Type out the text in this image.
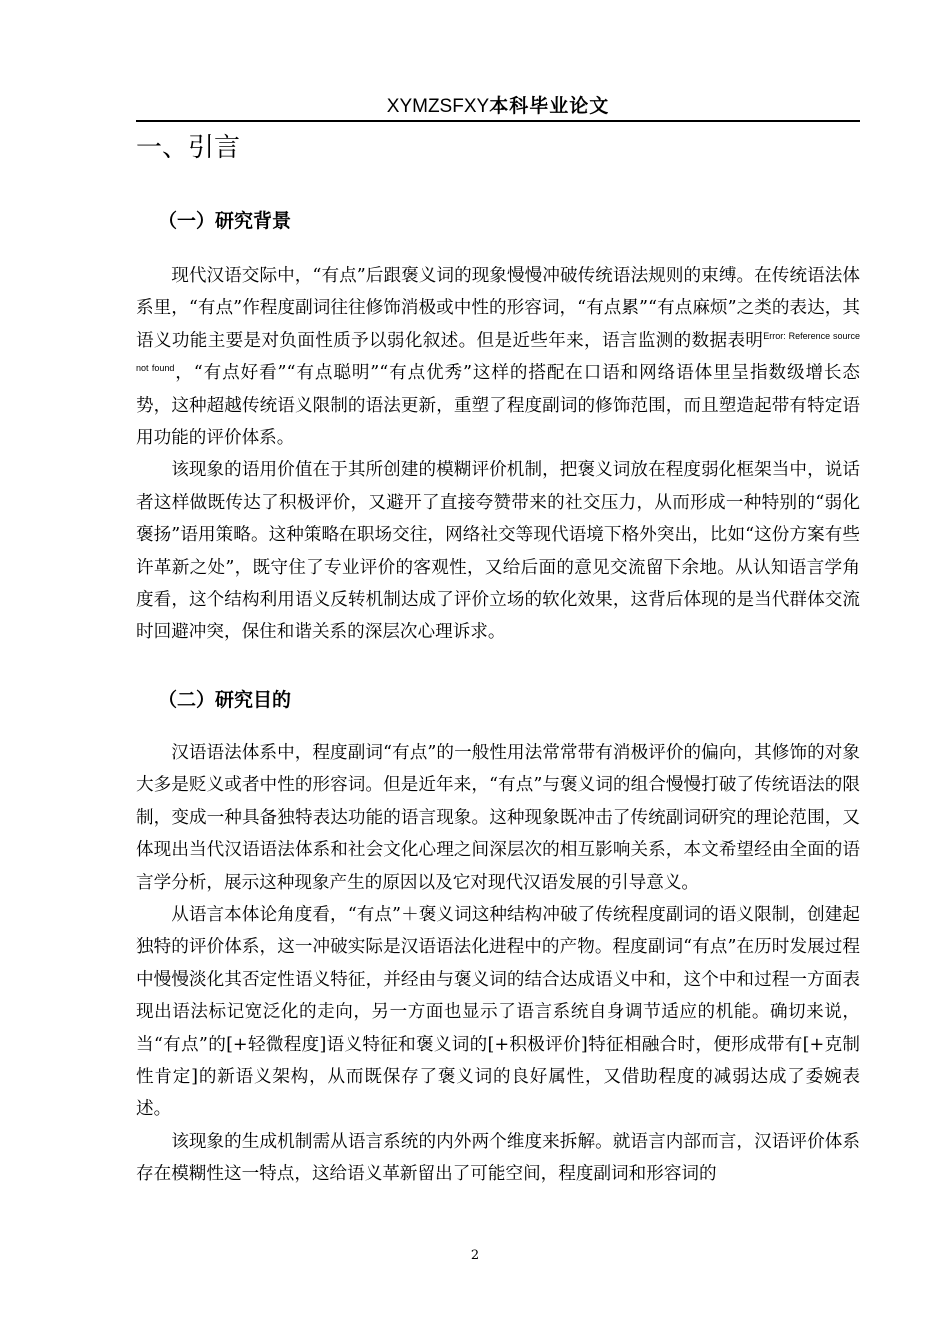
XYMZSFXY本科毕业论文
一、引言
（一）研究背景

现代汉语交际中，“有点”后跟褒义词的现象慢慢冲破传统语法规则的束缚。在传统语法体系里，“有点”作程度副词往往修饰消极或中性的形容词，“有点累”“有点麻烦”之类的表达，其语义功能主要是对负面性质予以弱化叙述。但是近些年来，语言监测的数据表明$^{Error: Reference source not found}$，“有点好看”“有点聪明”“有点优秀”这样的搭配在口语和网络语体里呈指数级增长态势，这种超越传统语义限制的语法更新，重塑了程度副词的修饰范围，而且塑造起带有特定语用功能的评价体系。

该现象的语用价值在于其所创建的模糊评价机制，把褒义词放在程度弱化框架当中，说话者这样做既传达了积极评价，又避开了直接夸赞带来的社交压力，从而形成一种特别的“弱化褒扬”语用策略。这种策略在职场交往，网络社交等现代语境下格外突出，比如“这份方案有些许革新之处”，既守住了专业评价的客观性，又给后面的意见交流留下余地。从认知语言学角度看，这个结构利用语义反转机制达成了评价立场的软化效果，这背后体现的是当代群体交流时回避冲突，保住和谐关系的深层次心理诉求。

（二）研究目的

汉语语法体系中，程度副词“有点”的一般性用法常常带有消极评价的偏向，其修饰的对象大多是贬义或者中性的形容词。但是近年来，“有点”与褒义词的组合慢慢打破了传统语法的限制，变成一种具备独特表达功能的语言现象。这种现象既冲击了传统副词研究的理论范围，又体现出当代汉语语法体系和社会文化心理之间深层次的相互影响关系，本文希望经由全面的语言学分析，展示这种现象产生的原因以及它对现代汉语发展的引导意义。

从语言本体论角度看，“有点”＋褒义词这种结构冲破了传统程度副词的语义限制，创建起独特的评价体系，这一冲破实际是汉语语法化进程中的产物。程度副词“有点”在历时发展过程中慢慢淡化其否定性语义特征，并经由与褒义词的结合达成语义中和，这个中和过程一方面表现出语法标记宽泛化的走向，另一方面也显示了语言系统自身调节适应的机能。确切来说，当“有点”的[+轻微程度]语义特征和褒义词的[+积极评价]特征相融合时，便形成带有[+克制性肯定]的新语义架构，从而既保存了褒义词的良好属性，又借助程度的减弱达成了委婉表述。

该现象的生成机制需从语言系统的内外两个维度来拆解。就语言内部而言，汉语评价体系存在模糊性这一特点，这给语义革新留出了可能空间，程度副词和形容词的

2
